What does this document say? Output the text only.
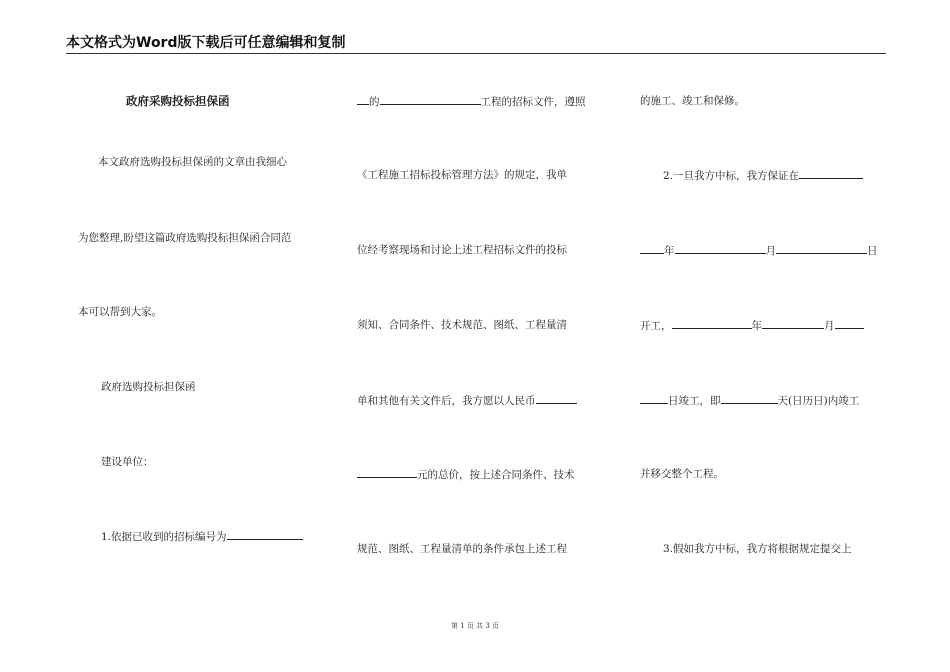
本文格式为Word版下载后可任意编辑和复制
政府采购投标担保函
本文政府选购投标担保函的文章由我细心
为您整理,盼望这篇政府选购投标担保函合同范
本可以帮到大家。
政府选购投标担保函
建设单位：
1.依据已收到的招标编号为
的	工程的招标文件，遵照
《工程施工招标投标管理方法》的规定，我单
位经考察现场和讨论上述工程招标文件的投标
须知、合同条件、技术规范、图纸、工程量清
单和其他有关文件后，我方愿以人民币
元的总价，按上述合同条件、技术
规范、图纸、工程量清单的条件承包上述工程
的施工、竣工和保修。
2.一旦我方中标，我方保证在
年	月	日
开工，	年	月
日竣工，即	天(日历日)内竣工
并移交整个工程。
3.假如我方中标，我方将根据规定提交上
第 1 页 共 3 页
